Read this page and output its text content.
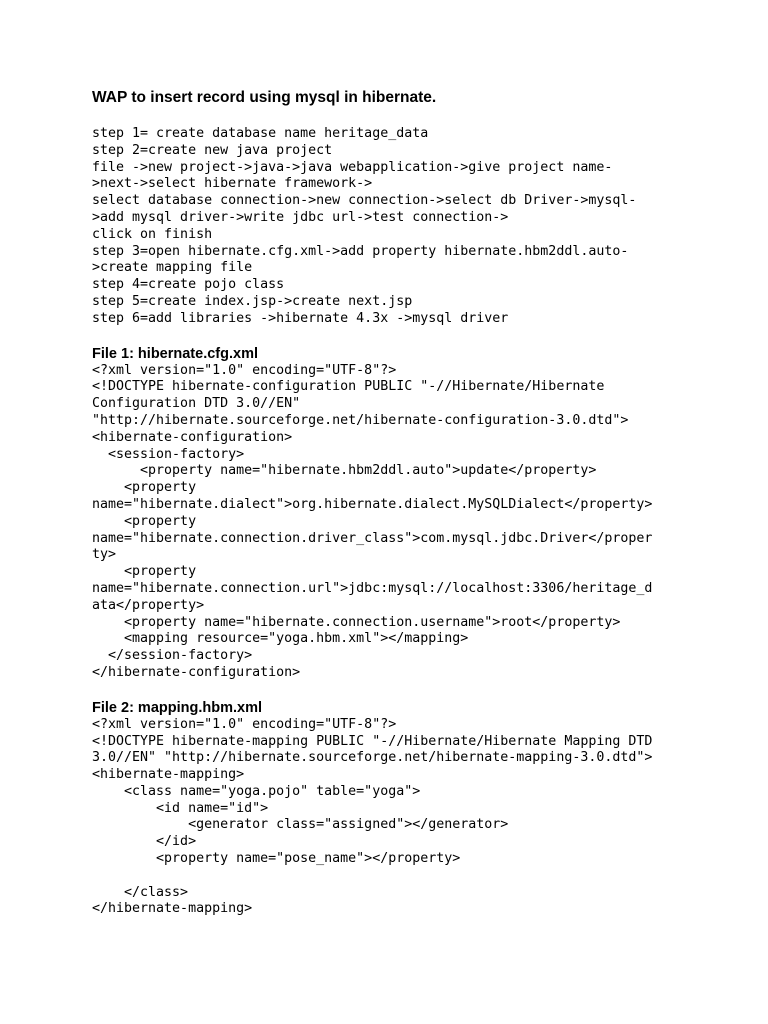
WAP to insert record using mysql in hibernate.
step 1= create database name heritage_data
step 2=create new java project
file ->new project->java->java webapplication->give project name-
>next->select hibernate framework->
select database connection->new connection->select db Driver->mysql-
>add mysql driver->write jdbc url->test connection->
click on finish
step 3=open hibernate.cfg.xml->add property hibernate.hbm2ddl.auto-
>create mapping file
step 4=create pojo class
step 5=create index.jsp->create next.jsp
step 6=add libraries ->hibernate 4.3x ->mysql driver
File 1: hibernate.cfg.xml
<?xml version="1.0" encoding="UTF-8"?>
<!DOCTYPE hibernate-configuration PUBLIC "-//Hibernate/Hibernate
Configuration DTD 3.0//EN"
"http://hibernate.sourceforge.net/hibernate-configuration-3.0.dtd">
<hibernate-configuration>
<session-factory>
<property name="hibernate.hbm2ddl.auto">update</property>
<property
name="hibernate.dialect">org.hibernate.dialect.MySQLDialect</property>
<property
name="hibernate.connection.driver_class">com.mysql.jdbc.Driver</proper
ty>
<property
name="hibernate.connection.url">jdbc:mysql://localhost:3306/heritage_d
ata</property>
<property name="hibernate.connection.username">root</property>
<mapping resource="yoga.hbm.xml"></mapping>
</session-factory>
</hibernate-configuration>
File 2: mapping.hbm.xml
<?xml version="1.0" encoding="UTF-8"?>
<!DOCTYPE hibernate-mapping PUBLIC "-//Hibernate/Hibernate Mapping DTD
3.0//EN" "http://hibernate.sourceforge.net/hibernate-mapping-3.0.dtd">
<hibernate-mapping>
<class name="yoga.pojo" table="yoga">
<id name="id">
<generator class="assigned"></generator>
</id>
<property name="pose_name"></property>
</class>
</hibernate-mapping>
